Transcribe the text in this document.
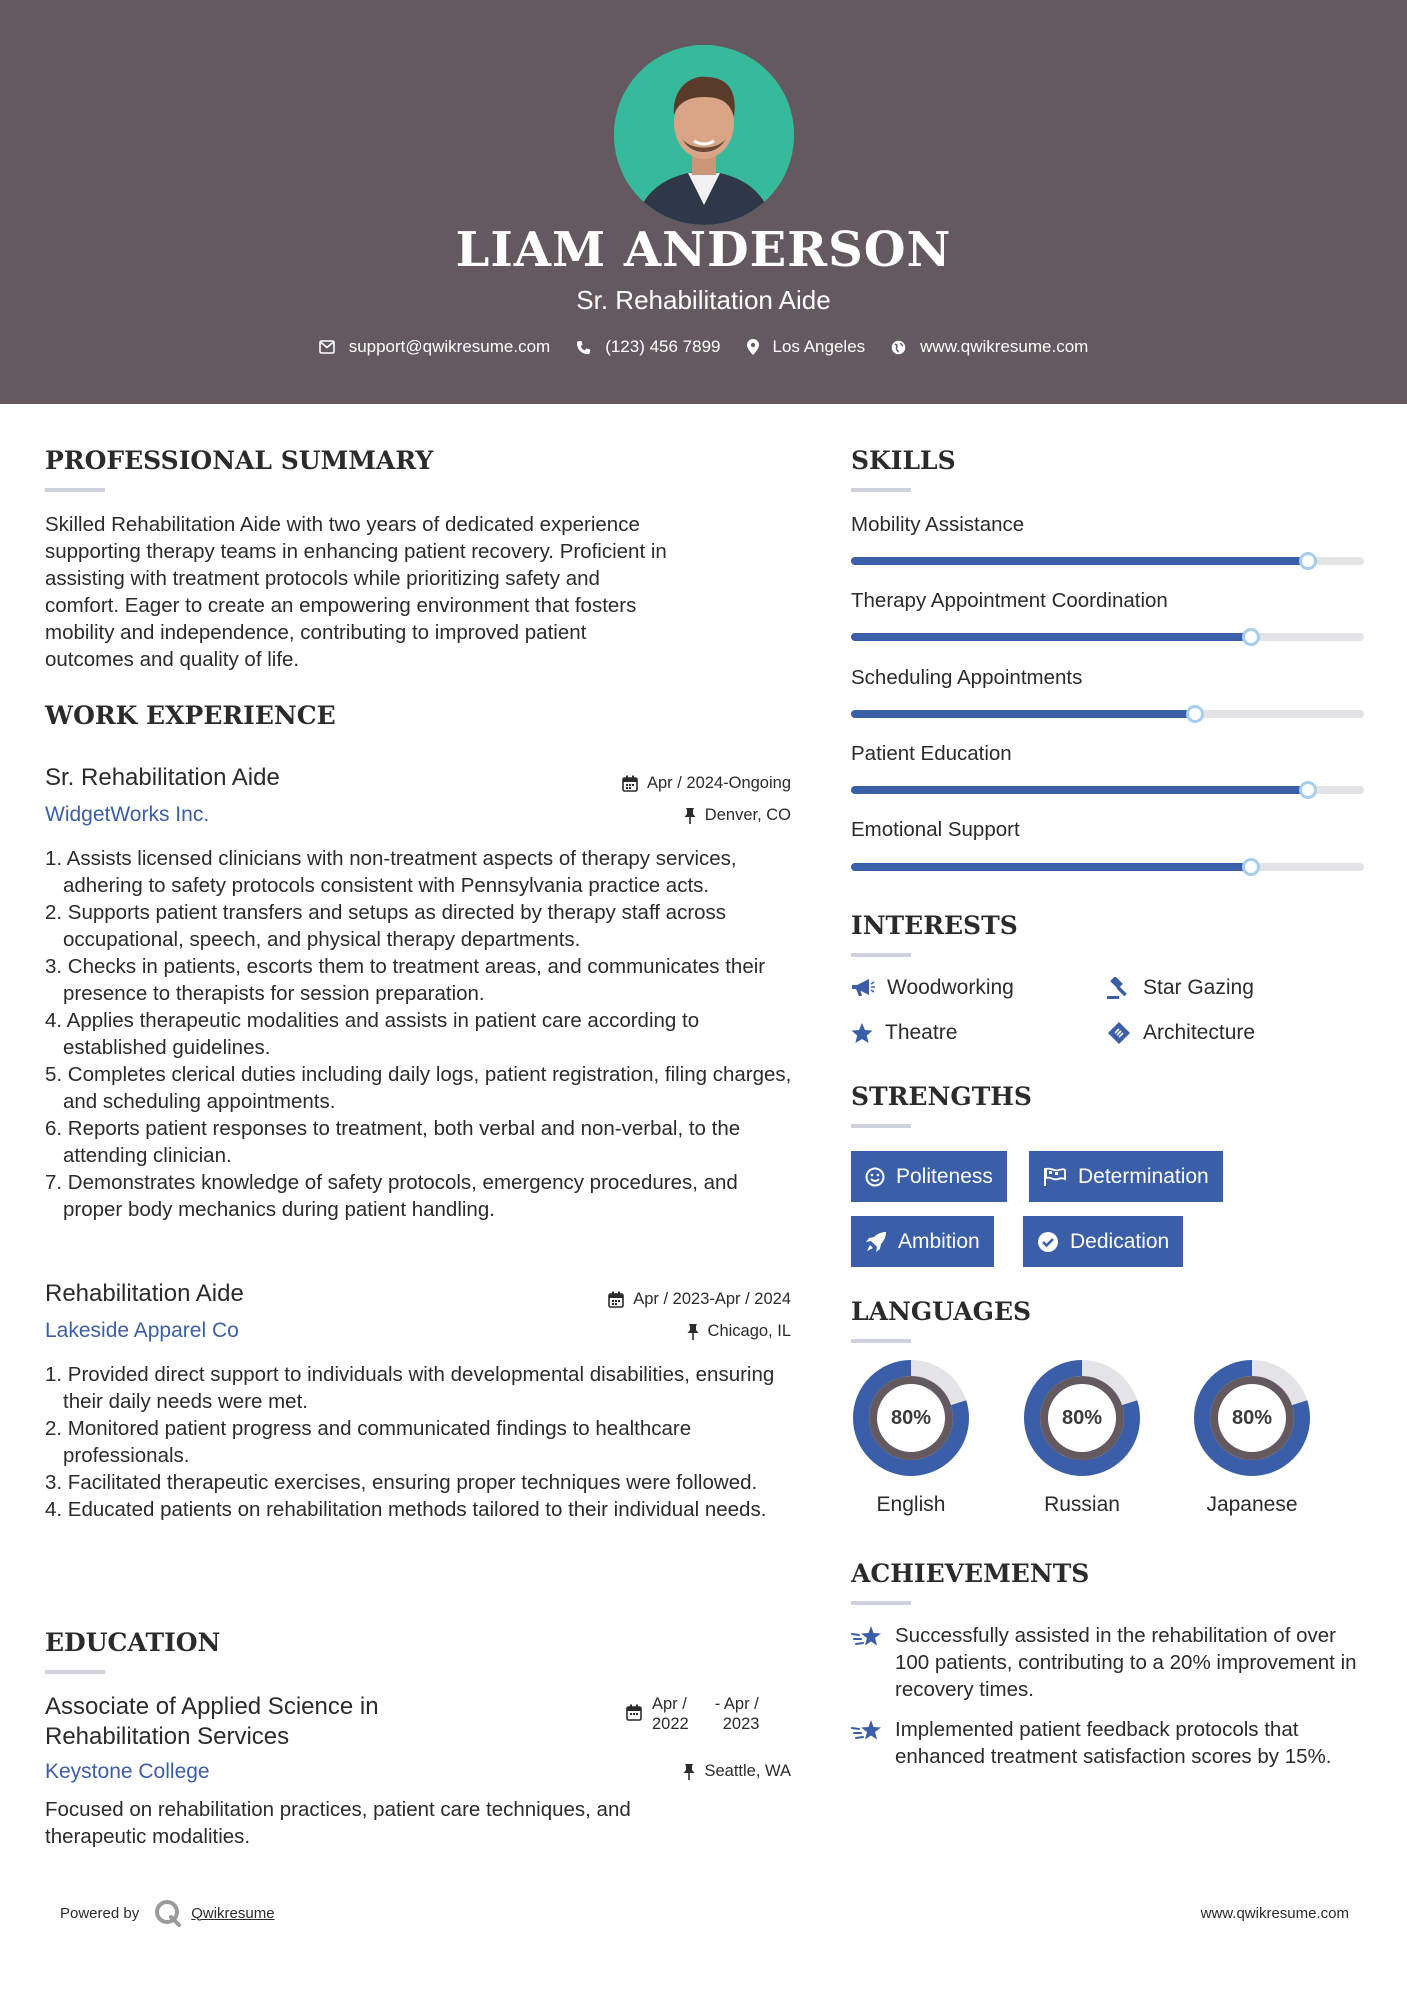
LIAM ANDERSON
Sr. Rehabilitation Aide
support@qwikresume.com	(123) 456 7899	Los Angeles	www.qwikresume.com
PROFESSIONAL SUMMARY
Skilled Rehabilitation Aide with two years of dedicated experience
supporting therapy teams in enhancing patient recovery. Proficient in
assisting with treatment protocols while prioritizing safety and
comfort. Eager to create an empowering environment that fosters
mobility and independence, contributing to improved patient
outcomes and quality of life.
WORK EXPERIENCE
Sr. Rehabilitation Aide
WidgetWorks Inc.
Apr / 2024-Ongoing
Denver, CO
1. Assists licensed clinicians with non-treatment aspects of therapy services, adhering to safety protocols consistent with Pennsylvania practice acts.
2. Supports patient transfers and setups as directed by therapy staff across occupational, speech, and physical therapy departments.
3. Checks in patients, escorts them to treatment areas, and communicates their presence to therapists for session preparation.
4. Applies therapeutic modalities and assists in patient care according to established guidelines.
5. Completes clerical duties including daily logs, patient registration, filing charges, and scheduling appointments.
6. Reports patient responses to treatment, both verbal and non-verbal, to the attending clinician.
7. Demonstrates knowledge of safety protocols, emergency procedures, and proper body mechanics during patient handling.
Rehabilitation Aide
Lakeside Apparel Co
Apr / 2023-Apr / 2024
Chicago, IL
1. Provided direct support to individuals with developmental disabilities, ensuring their daily needs were met.
2. Monitored patient progress and communicated findings to healthcare professionals.
3. Facilitated therapeutic exercises, ensuring proper techniques were followed.
4. Educated patients on rehabilitation methods tailored to their individual needs.
EDUCATION
Associate of Applied Science in Rehabilitation Services
Apr /
2022
- Apr /
2023
Keystone College	Seattle, WA
Focused on rehabilitation practices, patient care techniques, and
therapeutic modalities.
SKILLS
Mobility Assistance
Therapy Appointment Coordination
Scheduling Appointments
Patient Education
Emotional Support
INTERESTS
Woodworking	Star Gazing
Theatre	Architecture
STRENGTHS
Politeness	Determination
Ambition	Dedication
LANGUAGES
80%
English
80%
Russian
80%
Japanese
ACHIEVEMENTS
Successfully assisted in the rehabilitation of over 100 patients, contributing to a 20% improvement in recovery times.
Implemented patient feedback protocols that enhanced treatment satisfaction scores by 15%.
Powered by	Qwikresume	www.qwikresume.com
